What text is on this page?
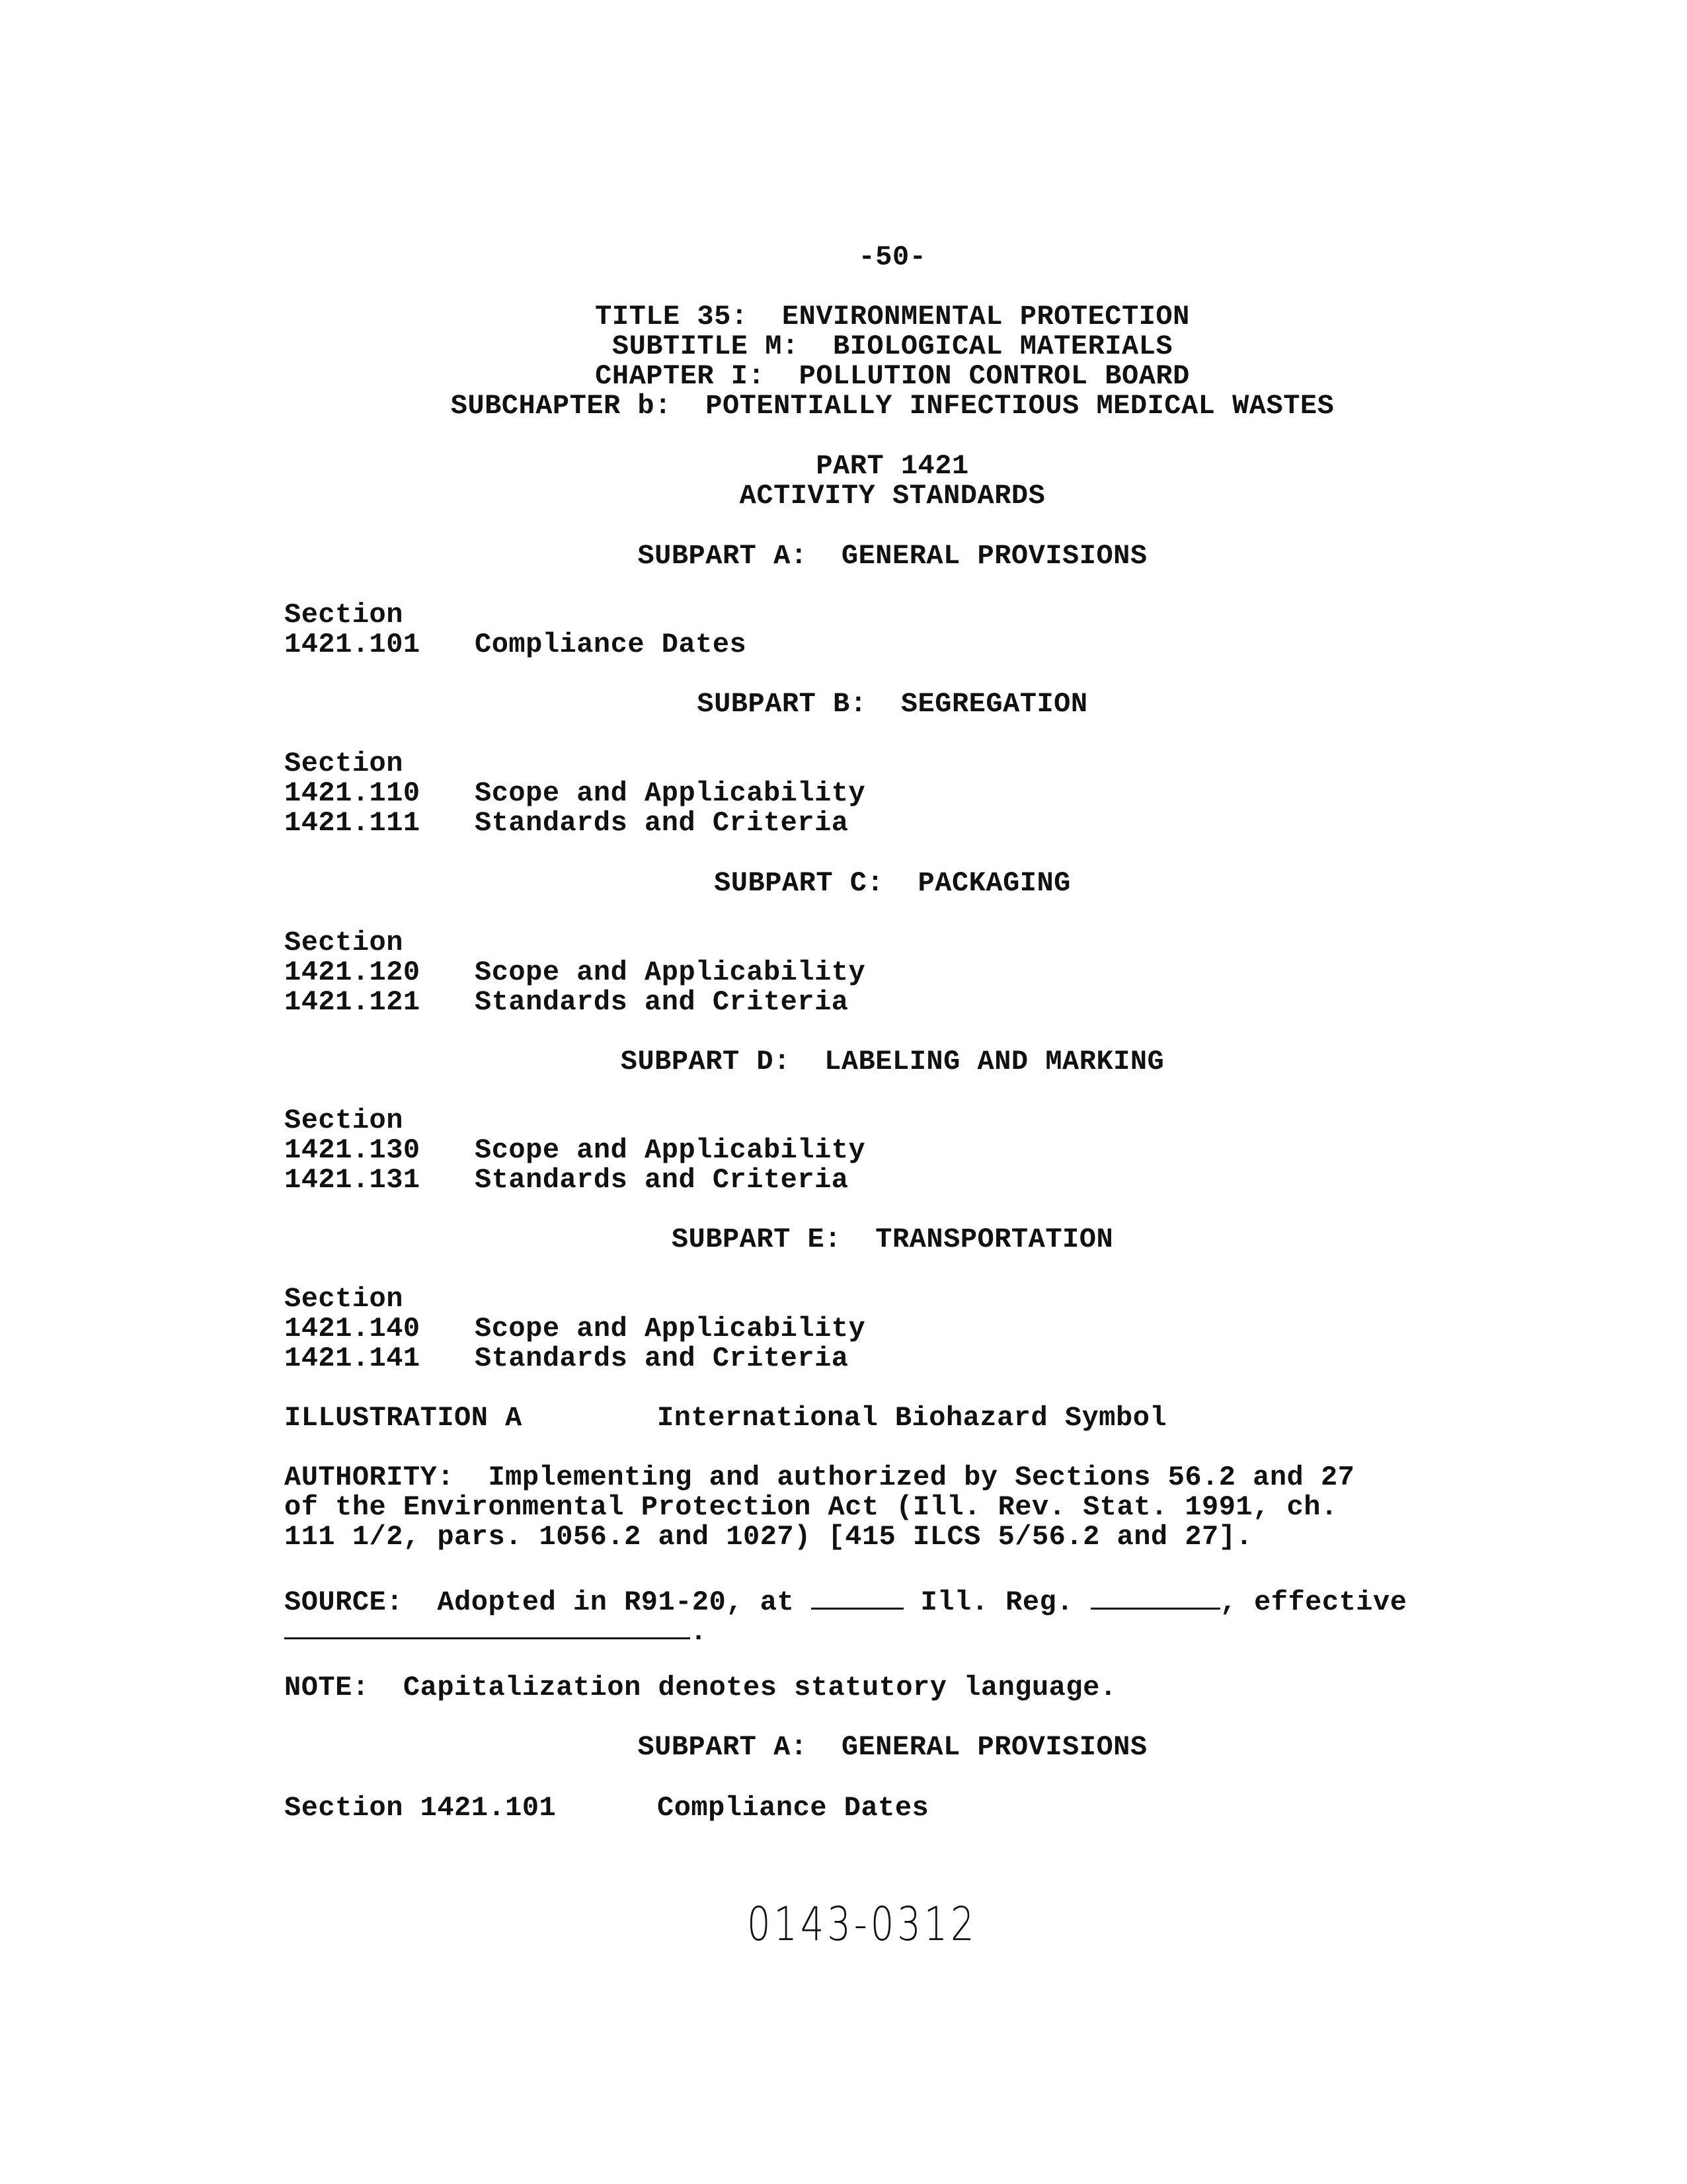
-50-
TITLE 35:  ENVIRONMENTAL PROTECTION
SUBTITLE M:  BIOLOGICAL MATERIALS
CHAPTER I:  POLLUTION CONTROL BOARD
SUBCHAPTER b:  POTENTIALLY INFECTIOUS MEDICAL WASTES
PART 1421
ACTIVITY STANDARDS
SUBPART A:  GENERAL PROVISIONS
Section
1421.101 Compliance Dates
SUBPART B:  SEGREGATION
Section
1421.110 Scope and Applicability
1421.111 Standards and Criteria
SUBPART C:  PACKAGING
Section
1421.120 Scope and Applicability
1421.121 Standards and Criteria
SUBPART D:  LABELING AND MARKING
Section
1421.130 Scope and Applicability
1421.131 Standards and Criteria
SUBPART E:  TRANSPORTATION
Section
1421.140 Scope and Applicability
1421.141 Standards and Criteria
ILLUSTRATION A	International Biohazard Symbol
AUTHORITY:  Implementing and authorized by Sections 56.2 and 27
of the Environmental Protection Act (Ill. Rev. Stat. 1991, ch.
111 1/2, pars. 1056.2 and 1027) [415 ILCS 5/56.2 and 27].
SOURCE: Adopted in R91-20, at	Ill. Reg.	, effective
.
NOTE:  Capitalization denotes statutory language.
SUBPART A:  GENERAL PROVISIONS
Section 1421.101	Compliance Dates
0143-0312
